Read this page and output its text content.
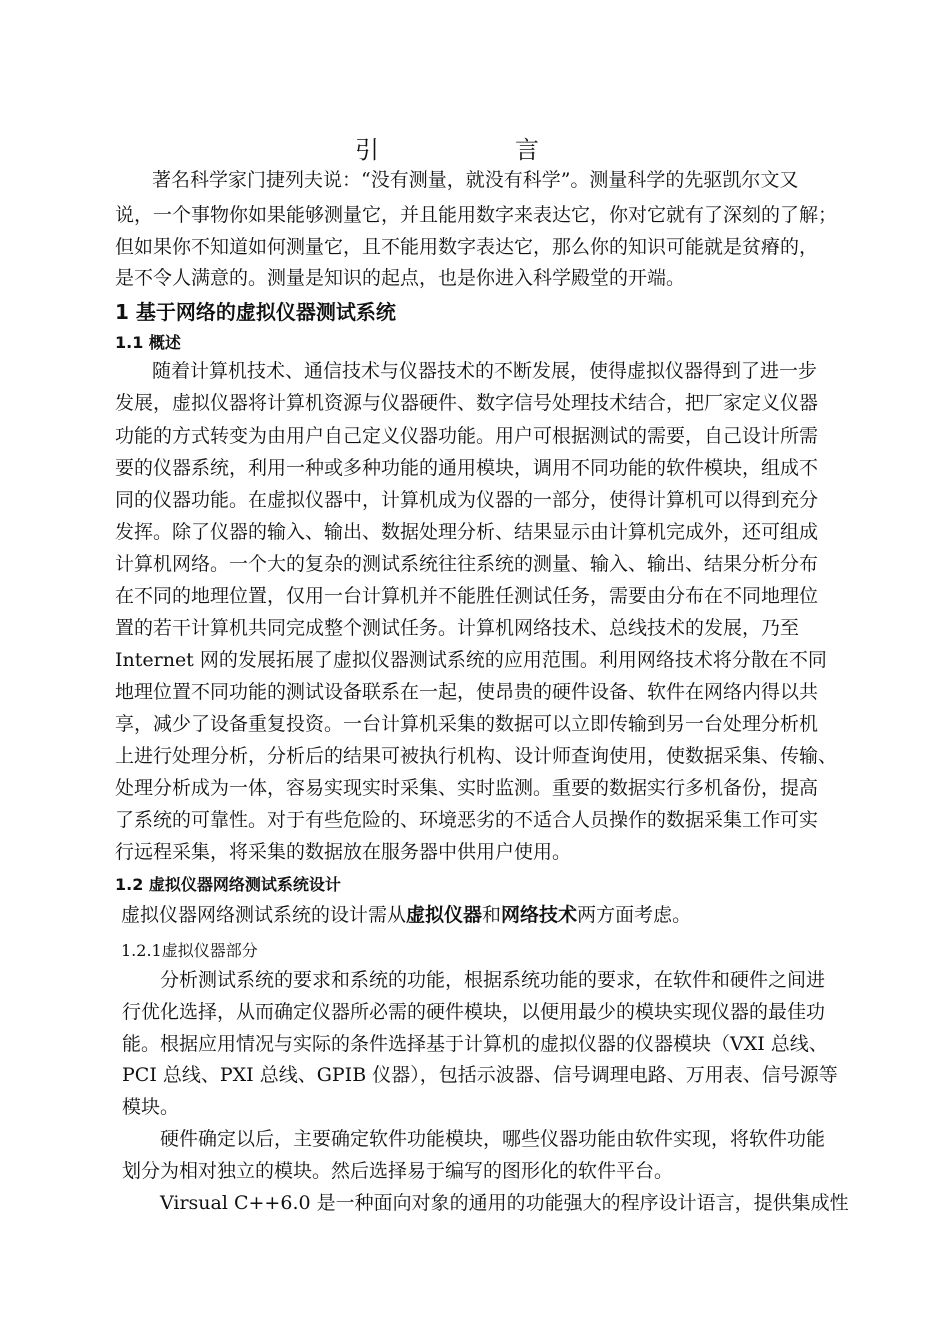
引　言
著名科学家门捷列夫说：“没有测量，就没有科学”。测量科学的先驱凯尔文又
说，一个事物你如果能够测量它，并且能用数字来表达它，你对它就有了深刻的了解；
但如果你不知道如何测量它，且不能用数字表达它，那么你的知识可能就是贫瘠的，
是不令人满意的。测量是知识的起点，也是你进入科学殿堂的开端。
1 基于网络的虚拟仪器测试系统
1.1 概述
随着计算机技术、通信技术与仪器技术的不断发展，使得虚拟仪器得到了进一步
发展，虚拟仪器将计算机资源与仪器硬件、数字信号处理技术结合，把厂家定义仪器
功能的方式转变为由用户自己定义仪器功能。用户可根据测试的需要，自己设计所需
要的仪器系统，利用一种或多种功能的通用模块，调用不同功能的软件模块，组成不
同的仪器功能。在虚拟仪器中，计算机成为仪器的一部分，使得计算机可以得到充分
发挥。除了仪器的输入、输出、数据处理分析、结果显示由计算机完成外，还可组成
计算机网络。一个大的复杂的测试系统往往系统的测量、输入、输出、结果分析分布
在不同的地理位置，仅用一台计算机并不能胜任测试任务，需要由分布在不同地理位
置的若干计算机共同完成整个测试任务。计算机网络技术、总线技术的发展，乃至
Internet 网的发展拓展了虚拟仪器测试系统的应用范围。利用网络技术将分散在不同
地理位置不同功能的测试设备联系在一起，使昂贵的硬件设备、软件在网络内得以共
享，减少了设备重复投资。一台计算机采集的数据可以立即传输到另一台处理分析机
上进行处理分析，分析后的结果可被执行机构、设计师查询使用，使数据采集、传输、
处理分析成为一体，容易实现实时采集、实时监测。重要的数据实行多机备份，提高
了系统的可靠性。对于有些危险的、环境恶劣的不适合人员操作的数据采集工作可实
行远程采集，将采集的数据放在服务器中供用户使用。
1.2 虚拟仪器网络测试系统设计
虚拟仪器网络测试系统的设计需从虚拟仪器和网络技术两方面考虑。
1.2.1虚拟仪器部分
分析测试系统的要求和系统的功能，根据系统功能的要求，在软件和硬件之间进
行优化选择，从而确定仪器所必需的硬件模块，以便用最少的模块实现仪器的最佳功
能。根据应用情况与实际的条件选择基于计算机的虚拟仪器的仪器模块（VXI 总线、
PCI 总线、PXI 总线、GPIB 仪器），包括示波器、信号调理电路、万用表、信号源等
模块。
硬件确定以后，主要确定软件功能模块，哪些仪器功能由软件实现，将软件功能
划分为相对独立的模块。然后选择易于编写的图形化的软件平台。
Virsual C++6.0 是一种面向对象的通用的功能强大的程序设计语言，提供集成性
